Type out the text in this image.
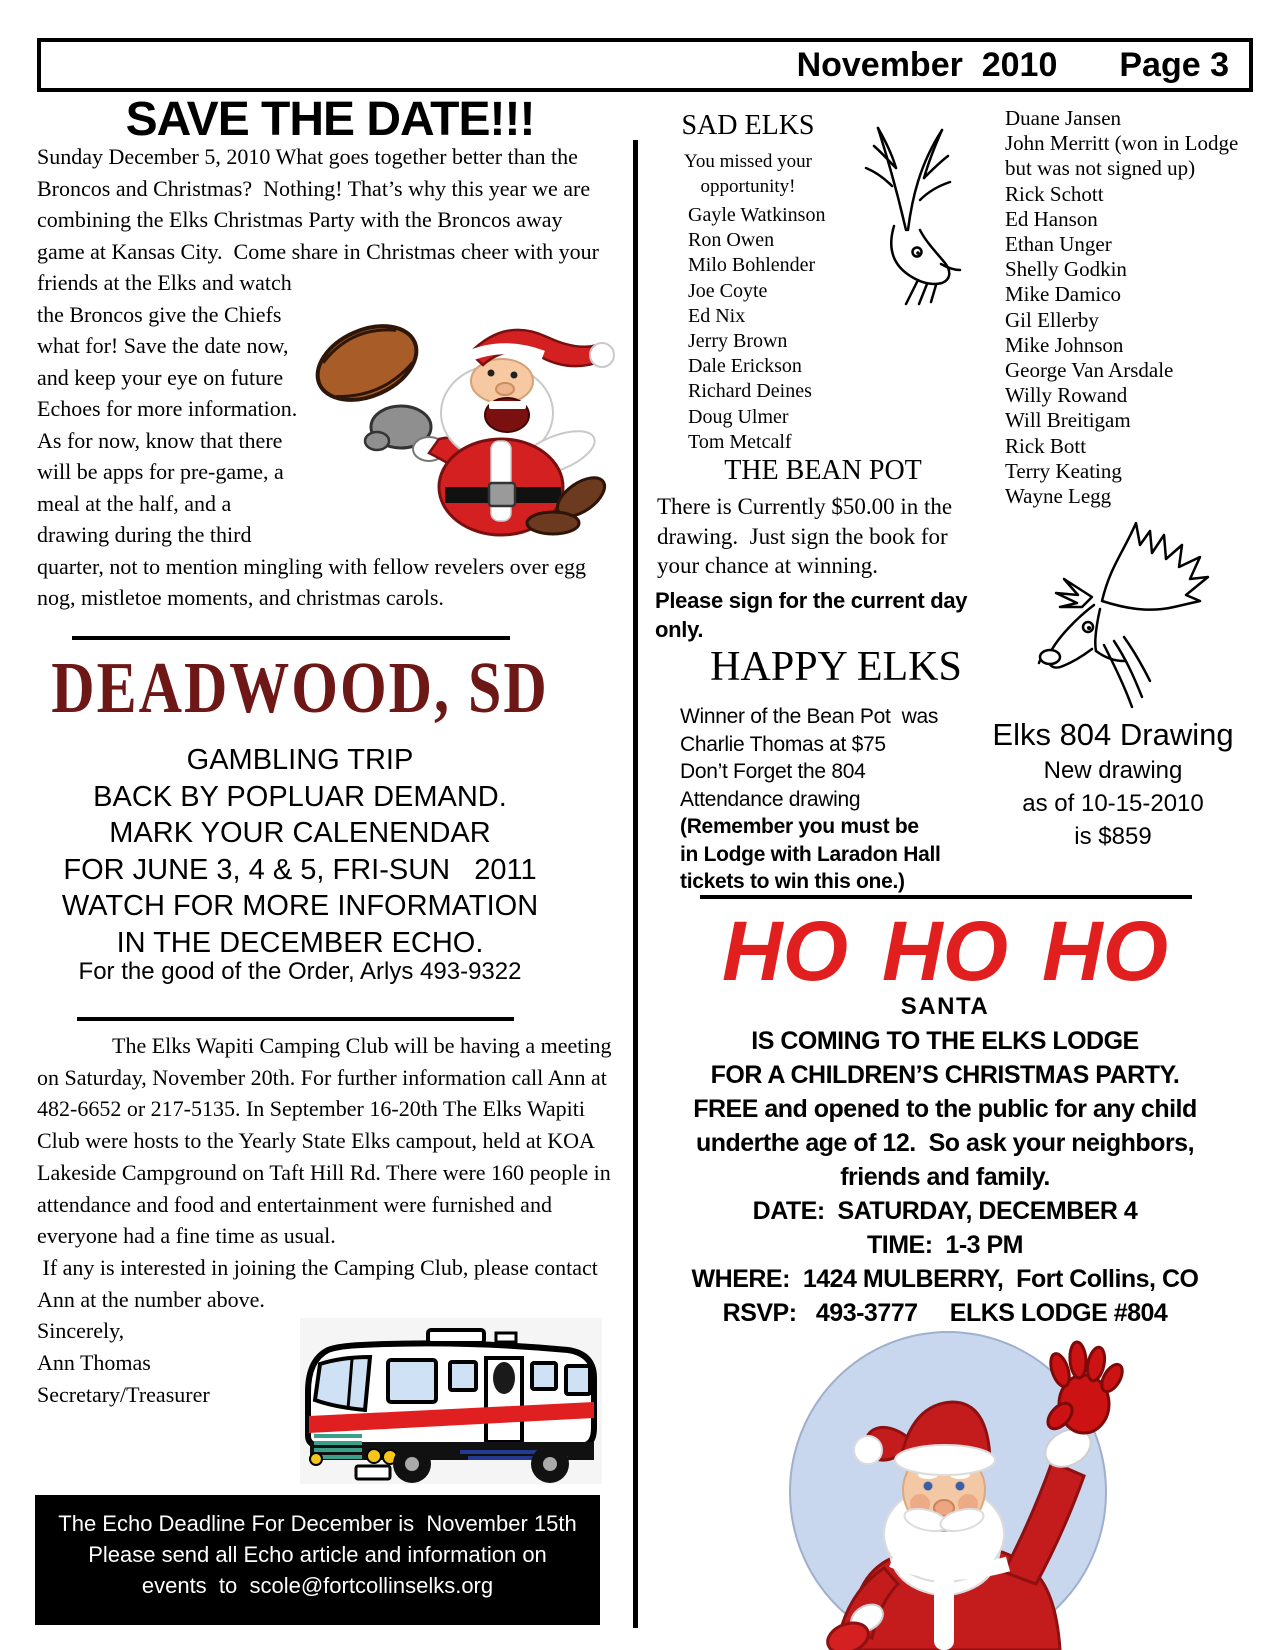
November  2010 Page 3
SAVE THE DATE!!!

Sunday December 5, 2010 What goes together better than the Broncos and Christmas?  Nothing! That’s why this year we are combining the Elks Christmas Party with the Broncos away game at Kansas City.  Come share in Christmas cheer with your friends at the Elks and watch

the Broncos give the Chiefs what for! Save the date now, and keep your eye on future Echoes for more information. As for now, know that there will be apps for pre-game, a meal at the half, and a drawing during the third

quarter, not to mention mingling with fellow revelers over egg nog, mistletoe moments, and christmas carols.

DEADWOOD, SD
GAMBLING TRIP
BACK BY POPLUAR DEMAND.
MARK YOUR CALENENDAR
FOR JUNE 3, 4 & 5, FRI-SUN   2011
WATCH FOR MORE INFORMATION
IN THE DECEMBER ECHO.
For the good of the Order, Arlys 493-9322

The Elks Wapiti Camping Club will be having a meeting on Saturday, November 20th. For further information call Ann at 482-6652 or 217-5135. In September 16-20th The Elks Wapiti Club were hosts to the Yearly State Elks campout, held at KOA Lakeside Campground on Taft Hill Rd. There were 160 people in attendance and food and entertainment were furnished and everyone had a fine time as usual.

If any is interested in joining the Camping Club, please contact Ann at the number above.

Sincerely,
Ann Thomas
Secretary/Treasurer
The Echo Deadline For December is  November 15th
Please send all Echo article and information on
events  to  scole@fortcollinselks.org
SAD ELKS
You missed your
opportunity!
Gayle Watkinson
Ron Owen
Milo Bohlender
Joe Coyte
Ed Nix
Jerry Brown
Dale Erickson
Richard Deines
Doug Ulmer
Tom Metcalf
THE BEAN POT
There is Currently $50.00 in the drawing.  Just sign the book for your chance at winning.
Please sign for the current day
only.
HAPPY ELKS
Winner of the Bean Pot  was
Charlie Thomas at $75
Don’t Forget the 804
Attendance drawing
(Remember you must be
in Lodge with Laradon Hall
tickets to win this one.)
HO HO HO
SANTA
IS COMING TO THE ELKS LODGE
FOR A CHILDREN’S CHRISTMAS PARTY.
FREE and opened to the public for any child
underthe age of 12.  So ask your neighbors,
friends and family.
DATE:  SATURDAY, DECEMBER 4
TIME:  1-3 PM
WHERE:  1424 MULBERRY,  Fort Collins, CO
RSVP:   493-3777     ELKS LODGE #804
Duane Jansen
John Merritt (won in Lodge
but was not signed up)
Rick Schott
Ed Hanson
Ethan Unger
Shelly Godkin
Mike Damico
Gil Ellerby
Mike Johnson
George Van Arsdale
Willy Rowand
Will Breitigam
Rick Bott
Terry Keating
Wayne Legg
Elks 804 Drawing
New drawing
as of 10-15-2010
is $859
